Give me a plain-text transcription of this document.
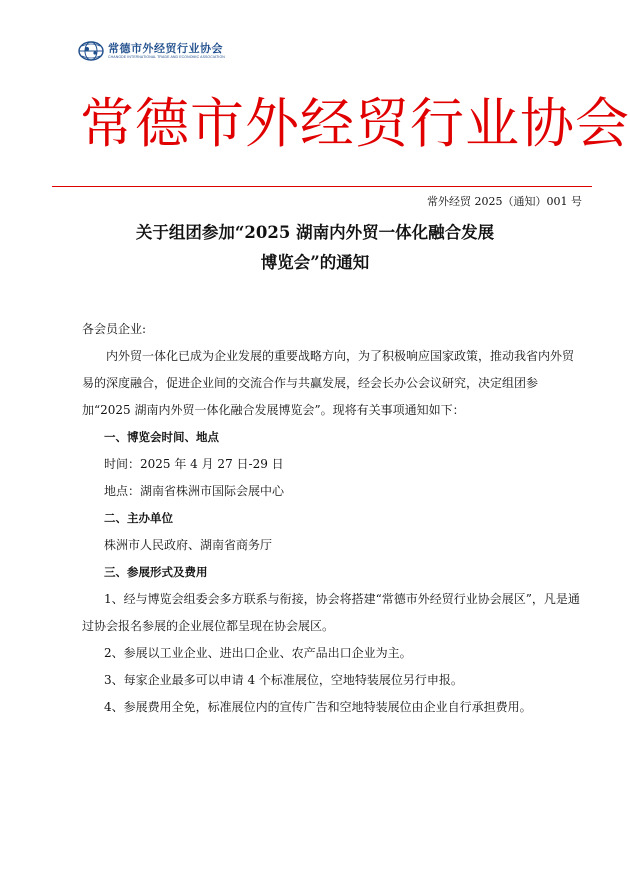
常德市外经贸行业协会
CHANGDE INTERNATIONAL TRADE AND ECONOMIC ASSOCIATION
常德市外经贸行业协会
常外经贸 2025（通知）001 号
关于组团参加“2025 湖南内外贸一体化融合发展
博览会”的通知

各会员企业:

内外贸一体化已成为企业发展的重要战略方向，为了积极响应国家政策，推动我省内外贸易的深度融合，促进企业间的交流合作与共赢发展，经会长办公会议研究，决定组团参加“2025 湖南内外贸一体化融合发展博览会”。现将有关事项通知如下：

一、博览会时间、地点

时间：2025 年 4 月 27 日-29 日

地点：湖南省株洲市国际会展中心

二、主办单位

株洲市人民政府、湖南省商务厅

三、参展形式及费用

1、经与博览会组委会多方联系与衔接，协会将搭建“常德市外经贸行业协会展区”，凡是通过协会报名参展的企业展位都呈现在协会展区。

2、参展以工业企业、进出口企业、农产品出口企业为主。

3、每家企业最多可以申请 4 个标准展位，空地特装展位另行申报。

4、参展费用全免，标准展位内的宣传广告和空地特装展位由企业自行承担费用。
